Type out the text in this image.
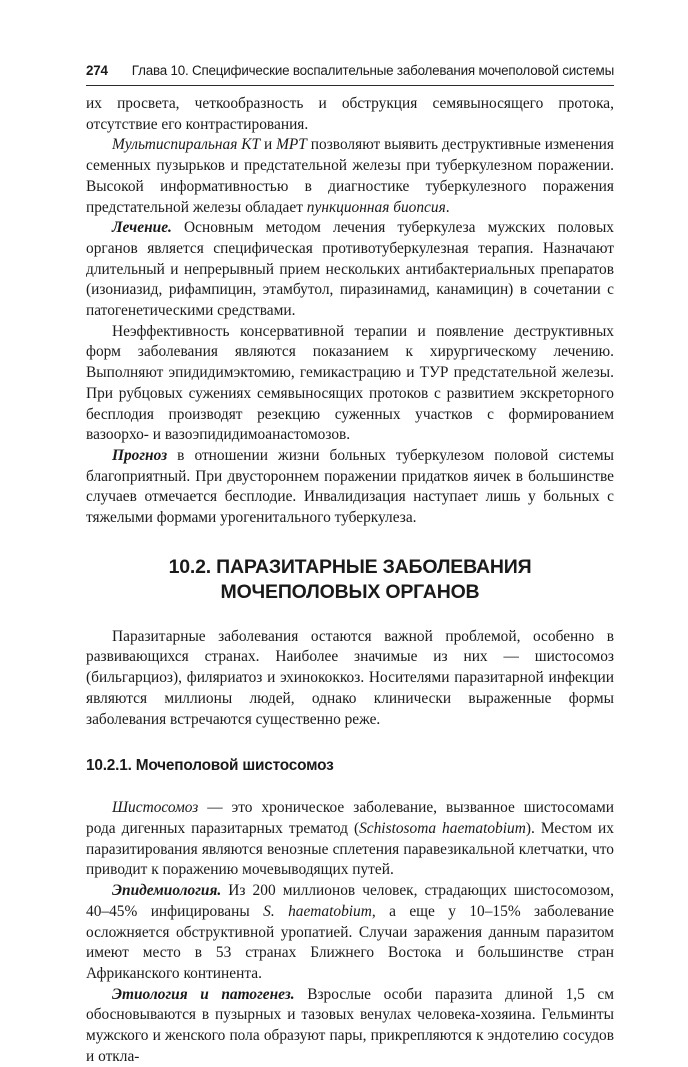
274 Глава 10. Специфические воспалительные заболевания мочеполовой системы

их просвета, четкообразность и обструкция семявыносящего протока, отсутствие его контрастирования.

Мультиспиральная КТ и МРТ позволяют выявить деструктивные изменения семенных пузырьков и предстательной железы при туберкулезном поражении. Высокой информативностью в диагностике туберкулезного поражения предстательной железы обладает пункционная биопсия.

Лечение. Основным методом лечения туберкулеза мужских половых органов является специфическая противотуберкулезная терапия. Назначают длительный и непрерывный прием нескольких антибактериальных препаратов (изониазид, рифампицин, этамбутол, пиразинамид, канамицин) в сочетании с патогенетическими средствами.

Неэффективность консервативной терапии и появление деструктивных форм заболевания являются показанием к хирургическому лечению. Выполняют эпидидимэктомию, гемикастрацию и ТУР предстательной железы. При рубцовых сужениях семявыносящих протоков с развитием экскреторного бесплодия производят резекцию суженных участков с формированием вазоорхо- и вазоэпидидимоанастомозов.

Прогноз в отношении жизни больных туберкулезом половой системы благоприятный. При двустороннем поражении придатков яичек в большинстве случаев отмечается бесплодие. Инвалидизация наступает лишь у больных с тяжелыми формами урогенитального туберкулеза.

10.2. ПАРАЗИТАРНЫЕ ЗАБОЛЕВАНИЯ
МОЧЕПОЛОВЫХ ОРГАНОВ

Паразитарные заболевания остаются важной проблемой, особенно в развивающихся странах. Наиболее значимые из них — шистосомоз (бильгарциоз), филяриатоз и эхинококкоз. Носителями паразитарной инфекции являются миллионы людей, однако клинически выраженные формы заболевания встречаются существенно реже.

10.2.1. Мочеполовой шистосомоз

Шистосомоз — это хроническое заболевание, вызванное шистосомами рода дигенных паразитарных трематод (Schistosoma haematobium). Местом их паразитирования являются венозные сплетения паравезикальной клетчатки, что приводит к поражению мочевыводящих путей.

Эпидемиология. Из 200 миллионов человек, страдающих шистосомозом, 40–45% инфицированы S. haematobium, а еще у 10–15% заболевание осложняется обструктивной уропатией. Случаи заражения данным паразитом имеют место в 53 странах Ближнего Востока и большинстве стран Африканского континента.

Этиология и патогенез. Взрослые особи паразита длиной 1,5 см обосновываются в пузырных и тазовых венулах человека-хозяина. Гельминты мужского и женского пола образуют пары, прикрепляются к эндотелию сосудов и откла-
